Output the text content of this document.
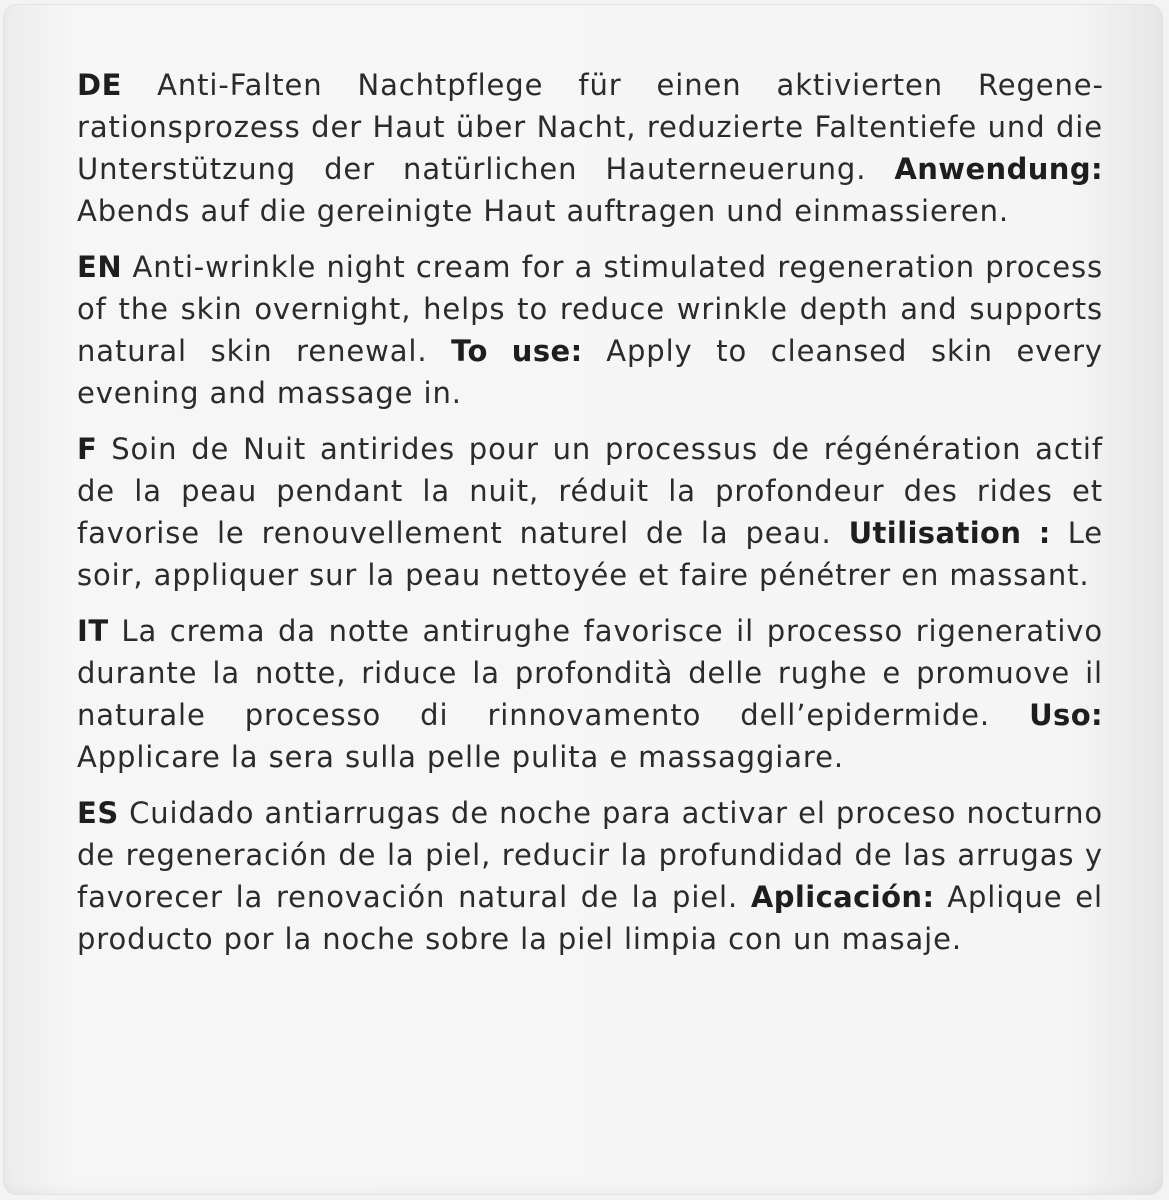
DE Anti-Falten Nachtpflege für einen aktivierten Regenerationsprozess der Haut über Nacht, reduzierte Faltentiefe und die Unterstützung der natürlichen Hauterneuerung. Anwendung: Abends auf die gereinigte Haut auftragen und einmassieren.

EN Anti-wrinkle night cream for a stimulated regeneration process of the skin overnight, helps to reduce wrinkle depth and supports natural skin renewal. To use: Apply to cleansed skin every evening and massage in.

F Soin de Nuit antirides pour un processus de régénération actif de la peau pendant la nuit, réduit la profondeur des rides et favorise le renouvellement naturel de la peau. Utilisation : Le soir, appliquer sur la peau nettoyée et faire pénétrer en massant.

IT La crema da notte antirughe favorisce il processo rigenerativo durante la notte, riduce la profondità delle rughe e promuove il naturale processo di rinnovamento dell’epidermide. Uso: Applicare la sera sulla pelle pulita e massaggiare.

ES Cuidado antiarrugas de noche para activar el proceso nocturno de regeneración de la piel, reducir la profundidad de las arrugas y favorecer la renovación natural de la piel. Aplicación: Aplique el producto por la noche sobre la piel limpia con un masaje.
